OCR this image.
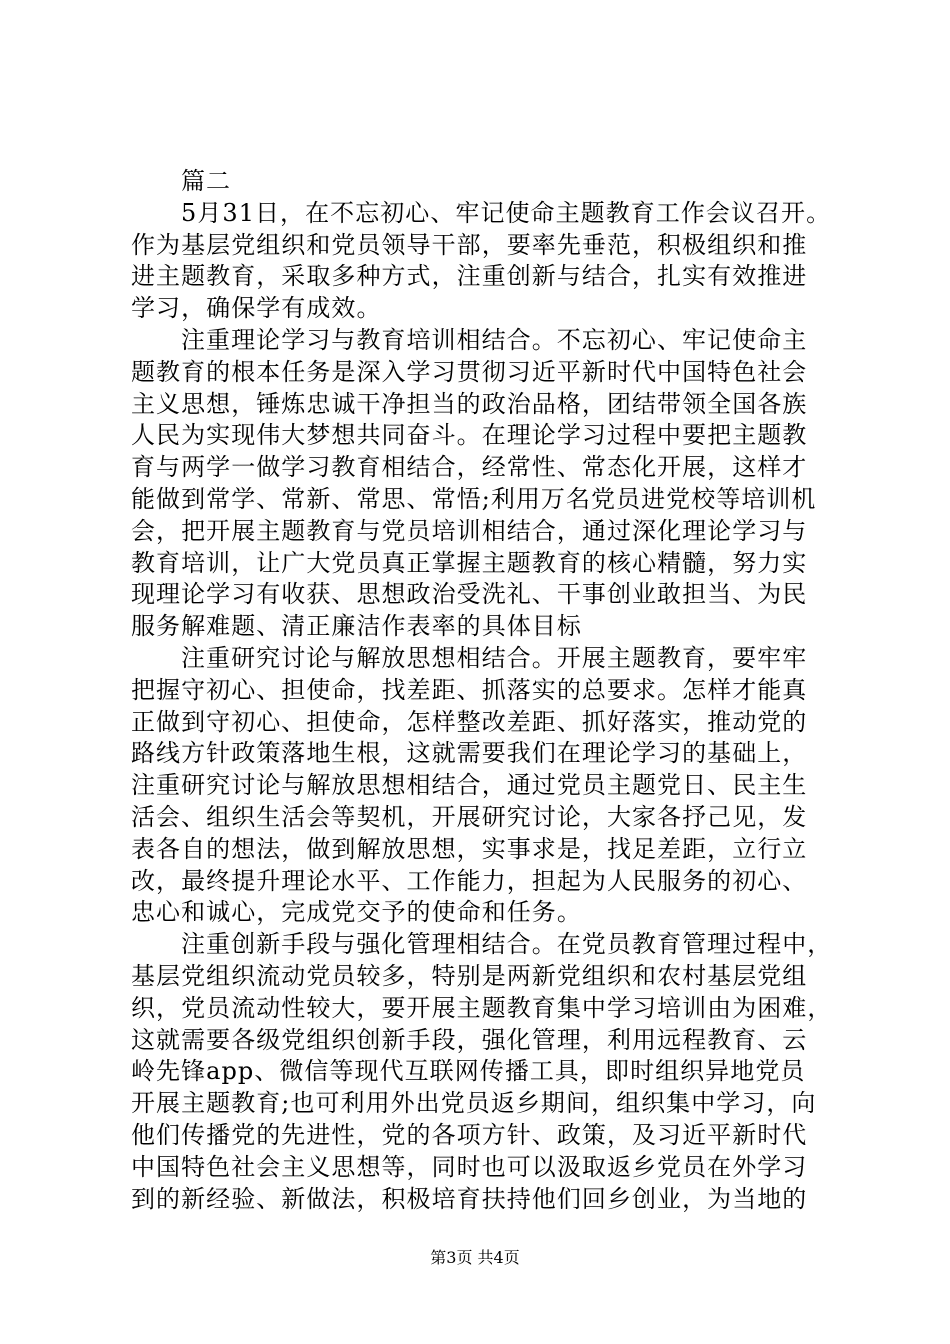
篇二
5月31日，在不忘初心、牢记使命主题教育工作会议召开。
作为基层党组织和党员领导干部，要率先垂范，积极组织和推
进主题教育，采取多种方式，注重创新与结合，扎实有效推进
学习，确保学有成效。
注重理论学习与教育培训相结合。不忘初心、牢记使命主
题教育的根本任务是深入学习贯彻习近平新时代中国特色社会
主义思想，锤炼忠诚干净担当的政治品格，团结带领全国各族
人民为实现伟大梦想共同奋斗。在理论学习过程中要把主题教
育与两学一做学习教育相结合，经常性、常态化开展，这样才
能做到常学、常新、常思、常悟;利用万名党员进党校等培训机
会，把开展主题教育与党员培训相结合，通过深化理论学习与
教育培训，让广大党员真正掌握主题教育的核心精髓，努力实
现理论学习有收获、思想政治受洗礼、干事创业敢担当、为民
服务解难题、清正廉洁作表率的具体目标
注重研究讨论与解放思想相结合。开展主题教育，要牢牢
把握守初心、担使命，找差距、抓落实的总要求。怎样才能真
正做到守初心、担使命，怎样整改差距、抓好落实，推动党的
路线方针政策落地生根，这就需要我们在理论学习的基础上，
注重研究讨论与解放思想相结合，通过党员主题党日、民主生
活会、组织生活会等契机，开展研究讨论，大家各抒己见，发
表各自的想法，做到解放思想，实事求是，找足差距，立行立
改，最终提升理论水平、工作能力，担起为人民服务的初心、
忠心和诚心，完成党交予的使命和任务。
注重创新手段与强化管理相结合。在党员教育管理过程中，
基层党组织流动党员较多，特别是两新党组织和农村基层党组
织，党员流动性较大，要开展主题教育集中学习培训由为困难，
这就需要各级党组织创新手段，强化管理，利用远程教育、云
岭先锋app、微信等现代互联网传播工具，即时组织异地党员
开展主题教育;也可利用外出党员返乡期间，组织集中学习，向
他们传播党的先进性，党的各项方针、政策，及习近平新时代
中国特色社会主义思想等，同时也可以汲取返乡党员在外学习
到的新经验、新做法，积极培育扶持他们回乡创业，为当地的
第3页 共4页
